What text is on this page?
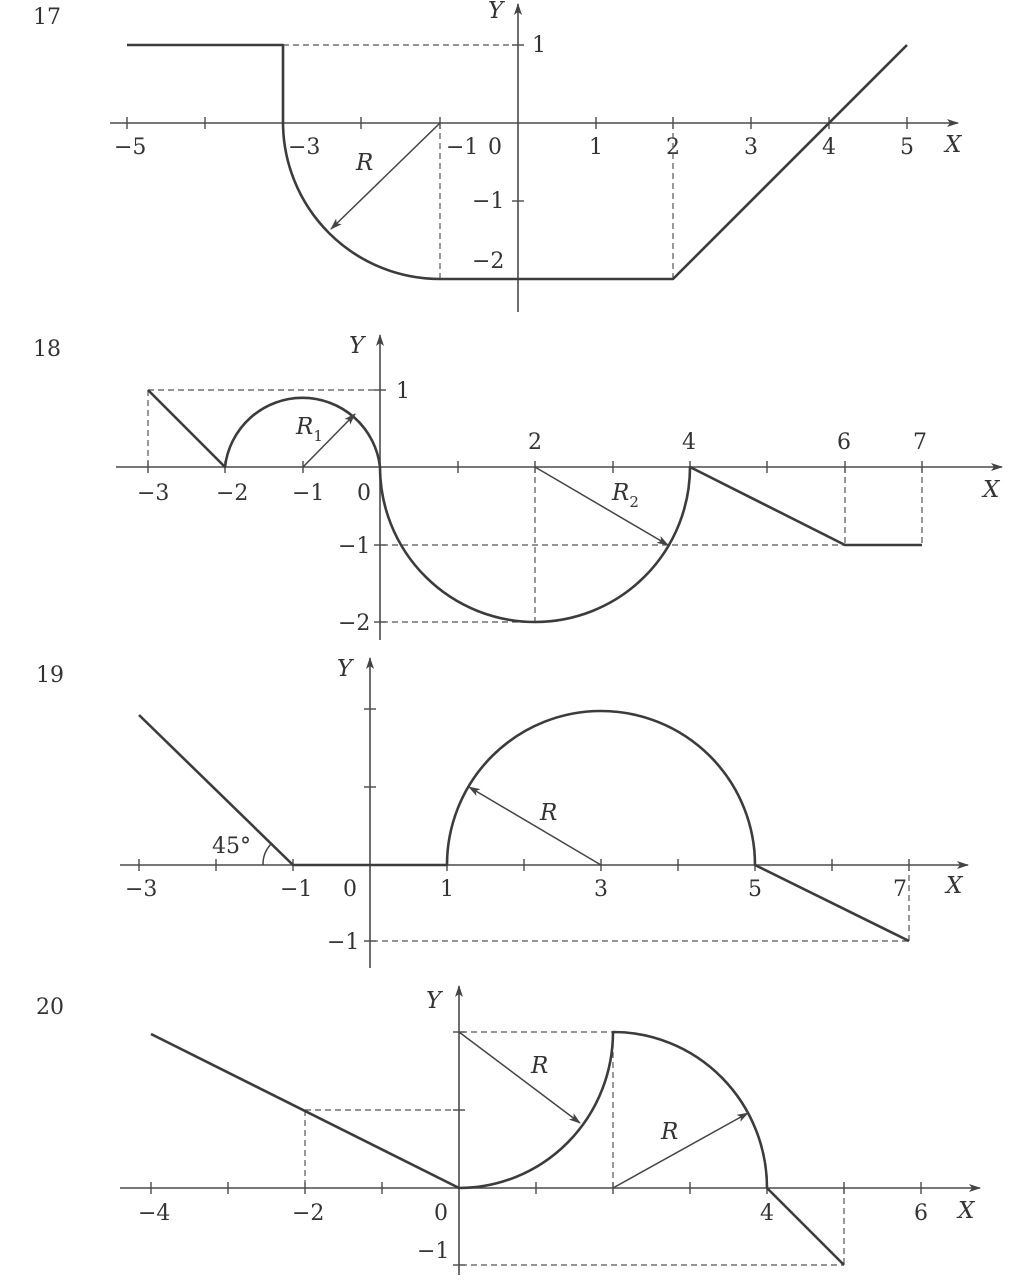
17
X
Y
−5	−3	−1 0	1	2	3	4	5
1
−1
−2
R
18
X
Y
−3 −2 −1 0
2	4	6	7
1
−1
−2
$R_1$
$R_2$
19
X
Y
−3	−1 0	1	3	5	7
−1
45°
R
20
X
Y
−4	−2	0	4	6
−1
R
R
